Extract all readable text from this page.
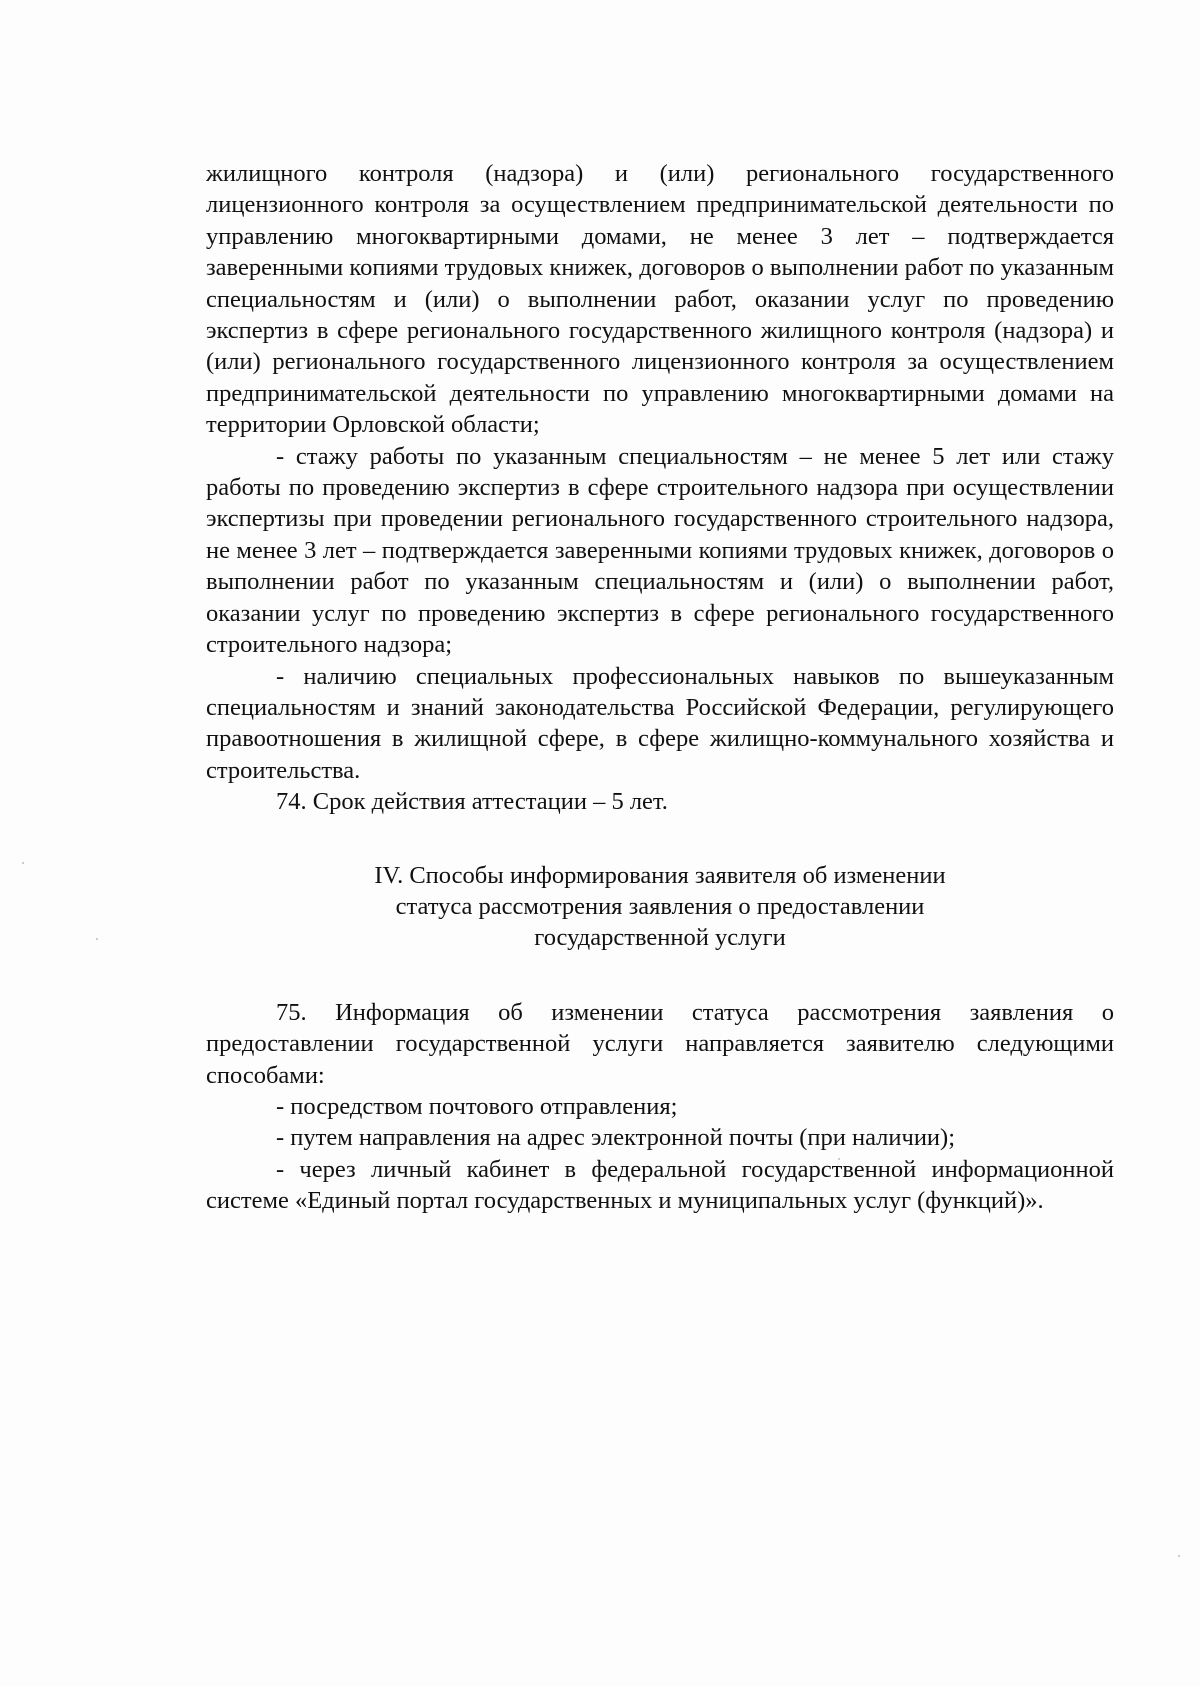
жилищного контроля (надзора) и (или) регионального государственного лицензионного контроля за осуществлением предпринимательской деятельности по управлению многоквартирными домами, не менее 3 лет – подтверждается заверенными копиями трудовых книжек, договоров о выполнении работ по указанным специальностям и (или) о выполнении работ, оказании услуг по проведению экспертиз в сфере регионального государственного жилищного контроля (надзора) и (или) регионального государственного лицензионного контроля за осуществлением предпринимательской деятельности по управлению многоквартирными домами на территории Орловской области;

- стажу работы по указанным специальностям – не менее 5 лет или стажу работы по проведению экспертиз в сфере строительного надзора при осуществлении экспертизы при проведении регионального государственного строительного надзора, не менее 3 лет – подтверждается заверенными копиями трудовых книжек, договоров о выполнении работ по указанным специальностям и (или) о выполнении работ, оказании услуг по проведению экспертиз в сфере регионального государственного строительного надзора;

- наличию специальных профессиональных навыков по вышеуказанным специальностям и знаний законодательства Российской Федерации, регулирующего правоотношения в жилищной сфере, в сфере жилищно-коммунального хозяйства и строительства.

74. Срок действия аттестации – 5 лет.

IV. Способы информирования заявителя об изменении
статуса рассмотрения заявления о предоставлении
государственной услуги

75. Информация об изменении статуса рассмотрения заявления о предоставлении государственной услуги направляется заявителю следующими способами:

- посредством почтового отправления;

- путем направления на адрес электронной почты (при наличии);

- через личный кабинет в федеральной государственной информационной системе «Единый портал государственных и муниципальных услуг (функций)».
